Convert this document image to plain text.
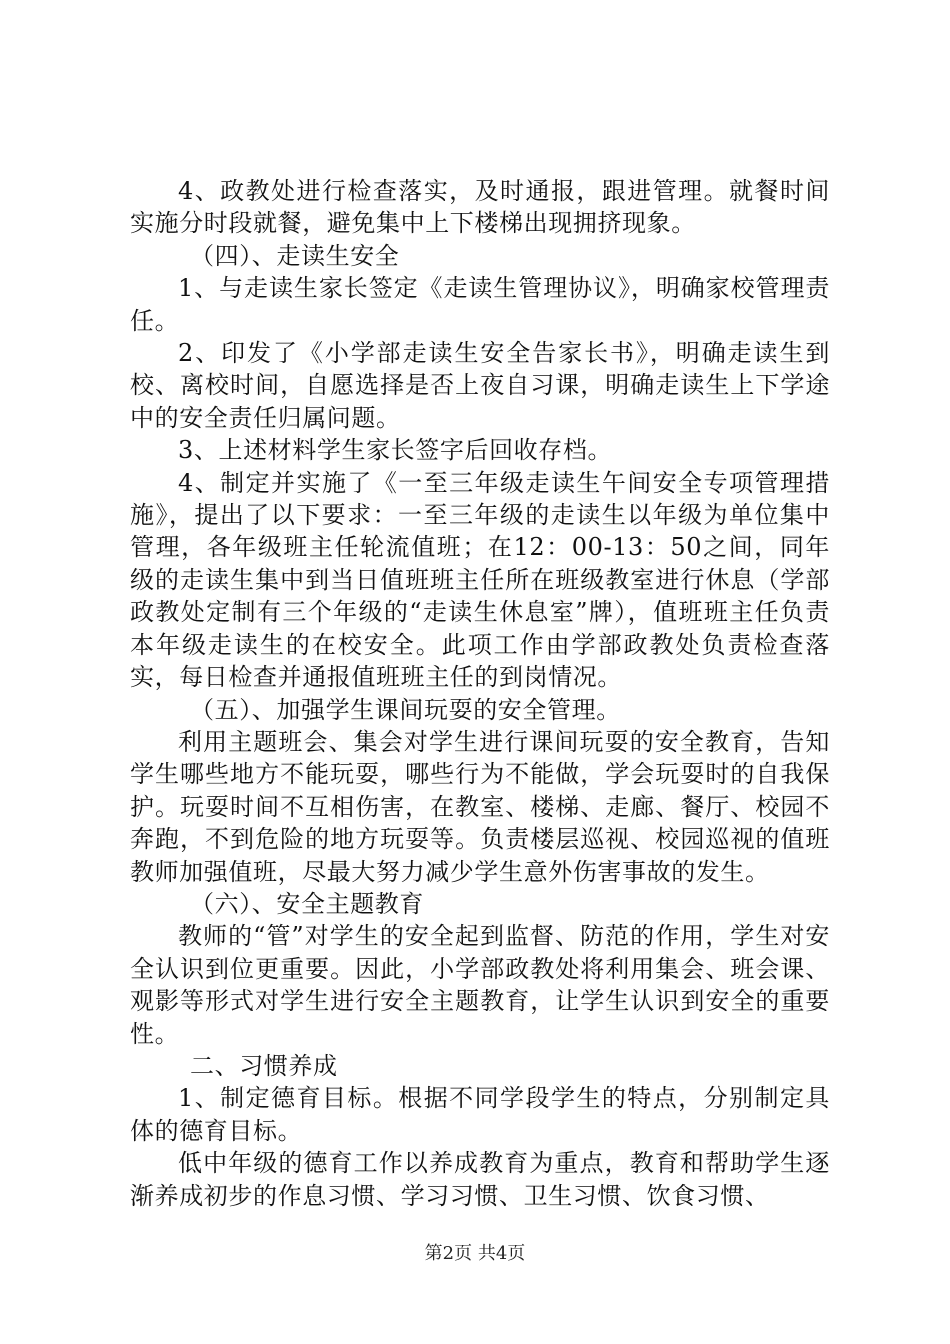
4、政教处进行检查落实，及时通报，跟进管理。就餐时间实施分时段就餐，避免集中上下楼梯出现拥挤现象。

（四）、走读生安全

1、与走读生家长签定《走读生管理协议》，明确家校管理责任。

2、印发了《小学部走读生安全告家长书》，明确走读生到校、离校时间，自愿选择是否上夜自习课，明确走读生上下学途中的安全责任归属问题。

3、上述材料学生家长签字后回收存档。

4、制定并实施了《一至三年级走读生午间安全专项管理措施》，提出了以下要求：一至三年级的走读生以年级为单位集中管理，各年级班主任轮流值班；在12：00-13：50之间，同年级的走读生集中到当日值班班主任所在班级教室进行休息（学部政教处定制有三个年级的“走读生休息室”牌），值班班主任负责本年级走读生的在校安全。此项工作由学部政教处负责检查落实，每日检查并通报值班班主任的到岗情况。

（五）、加强学生课间玩耍的安全管理。

利用主题班会、集会对学生进行课间玩耍的安全教育，告知学生哪些地方不能玩耍，哪些行为不能做，学会玩耍时的自我保护。玩耍时间不互相伤害，在教室、楼梯、走廊、餐厅、校园不奔跑，不到危险的地方玩耍等。负责楼层巡视、校园巡视的值班教师加强值班，尽最大努力减少学生意外伤害事故的发生。

（六）、安全主题教育

教师的“管”对学生的安全起到监督、防范的作用，学生对安全认识到位更重要。因此，小学部政教处将利用集会、班会课、观影等形式对学生进行安全主题教育，让学生认识到安全的重要性。

二、习惯养成

1、制定德育目标。根据不同学段学生的特点，分别制定具体的德育目标。

低中年级的德育工作以养成教育为重点，教育和帮助学生逐渐养成初步的作息习惯、学习习惯、卫生习惯、饮食习惯、

第2页 共4页
